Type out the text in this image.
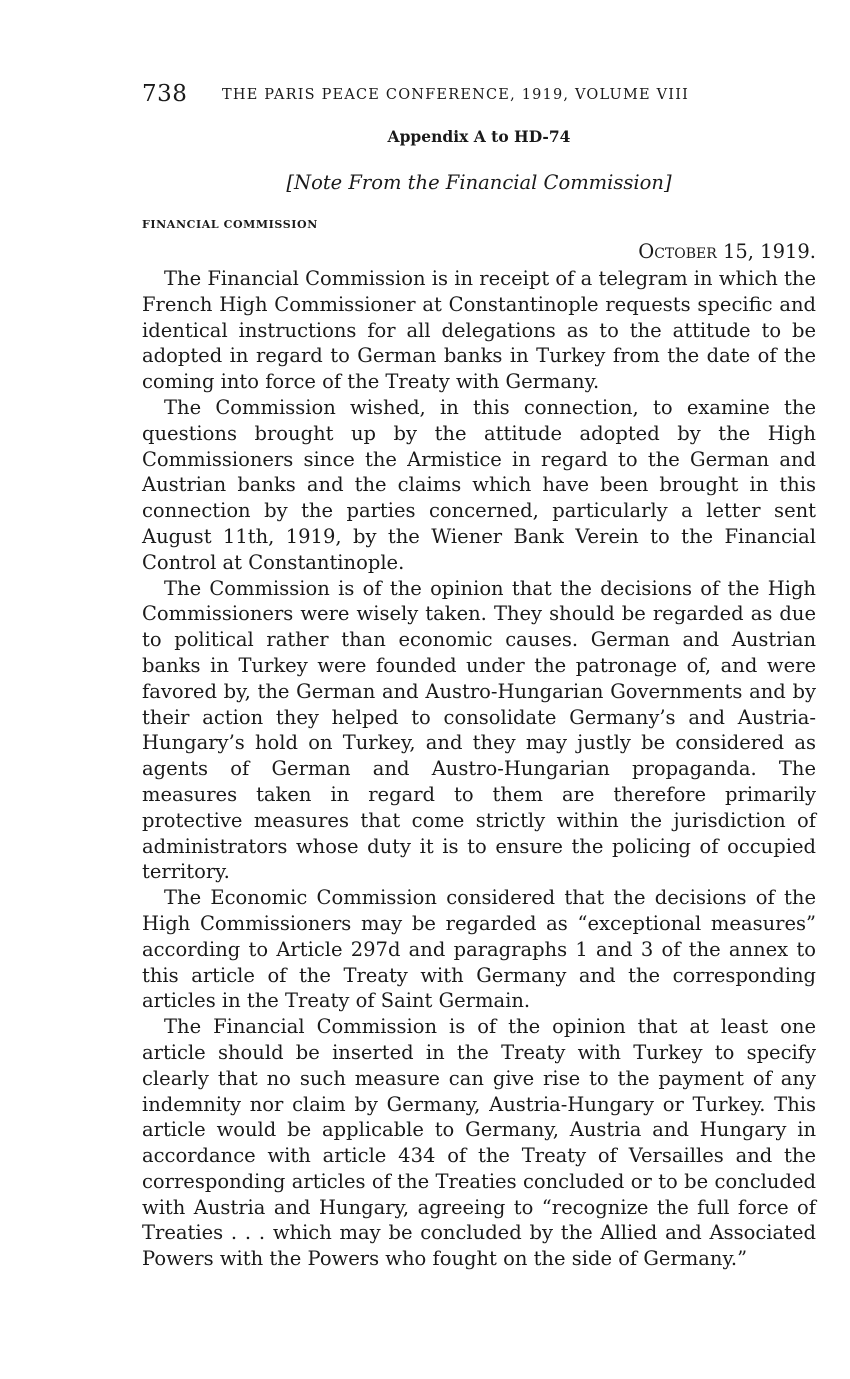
738 THE PARIS PEACE CONFERENCE, 1919, VOLUME VIII
Appendix A to HD-74
[Note From the Financial Commission]
FINANCIAL COMMISSION
October 15, 1919.

The Financial Commission is in receipt of a telegram in which the French High Commissioner at Constantinople requests specific and identical instructions for all delegations as to the attitude to be adopted in regard to German banks in Turkey from the date of the coming into force of the Treaty with Germany.

The Commission wished, in this connection, to examine the questions brought up by the attitude adopted by the High Commissioners since the Armistice in regard to the German and Austrian banks and the claims which have been brought in this connection by the parties concerned, particularly a letter sent August 11th, 1919, by the Wiener Bank Verein to the Financial Control at Constantinople.

The Commission is of the opinion that the decisions of the High Commissioners were wisely taken. They should be regarded as due to political rather than economic causes. German and Austrian banks in Turkey were founded under the patronage of, and were favored by, the German and Austro-Hungarian Governments and by their action they helped to consolidate Germany’s and Austria-Hungary’s hold on Turkey, and they may justly be considered as agents of German and Austro-Hungarian propaganda. The measures taken in regard to them are therefore primarily protective measures that come strictly within the jurisdiction of administrators whose duty it is to ensure the policing of occupied territory.

The Economic Commission considered that the decisions of the High Commissioners may be regarded as “exceptional measures” according to Article 297d and paragraphs 1 and 3 of the annex to this article of the Treaty with Germany and the corresponding articles in the Treaty of Saint Germain.

The Financial Commission is of the opinion that at least one article should be inserted in the Treaty with Turkey to specify clearly that no such measure can give rise to the payment of any indemnity nor claim by Germany, Austria-Hungary or Turkey. This article would be applicable to Germany, Austria and Hungary in accordance with article 434 of the Treaty of Versailles and the corresponding articles of the Treaties concluded or to be concluded with Austria and Hungary, agreeing to “recognize the full force of Treaties . . . which may be concluded by the Allied and Associated Powers with the Powers who fought on the side of Germany.”
